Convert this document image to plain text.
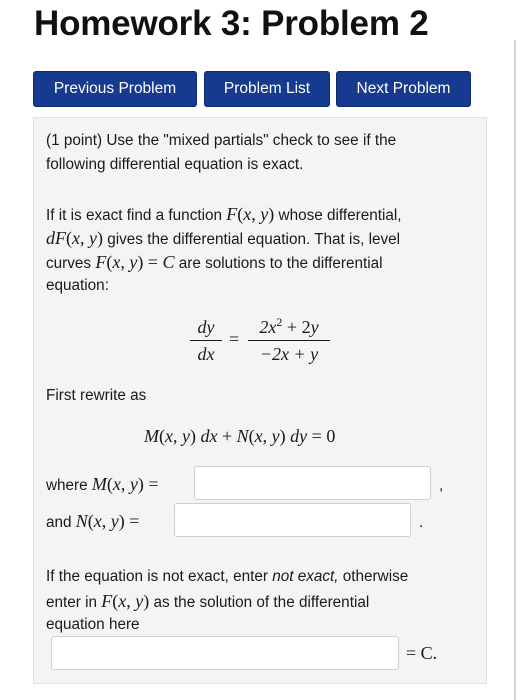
Homework 3: Problem 2
Previous Problem	Problem List	Next Problem
(1 point) Use the "mixed partials" check to see if the
following differential equation is exact.
If it is exact find a function F(x, y) whose differential,
dF(x, y) gives the differential equation. That is, level
curves F(x, y) = C are solutions to the differential
equation:
dy
dx
=
$2x^2 + 2y$
−2x + y
First rewrite as
M(x, y) dx + N(x, y) dy = 0
where M(x, y) =	,
and N(x, y) =	.
If the equation is not exact, enter not exact, otherwise
enter in F(x, y) as the solution of the differential
equation here
= C.
